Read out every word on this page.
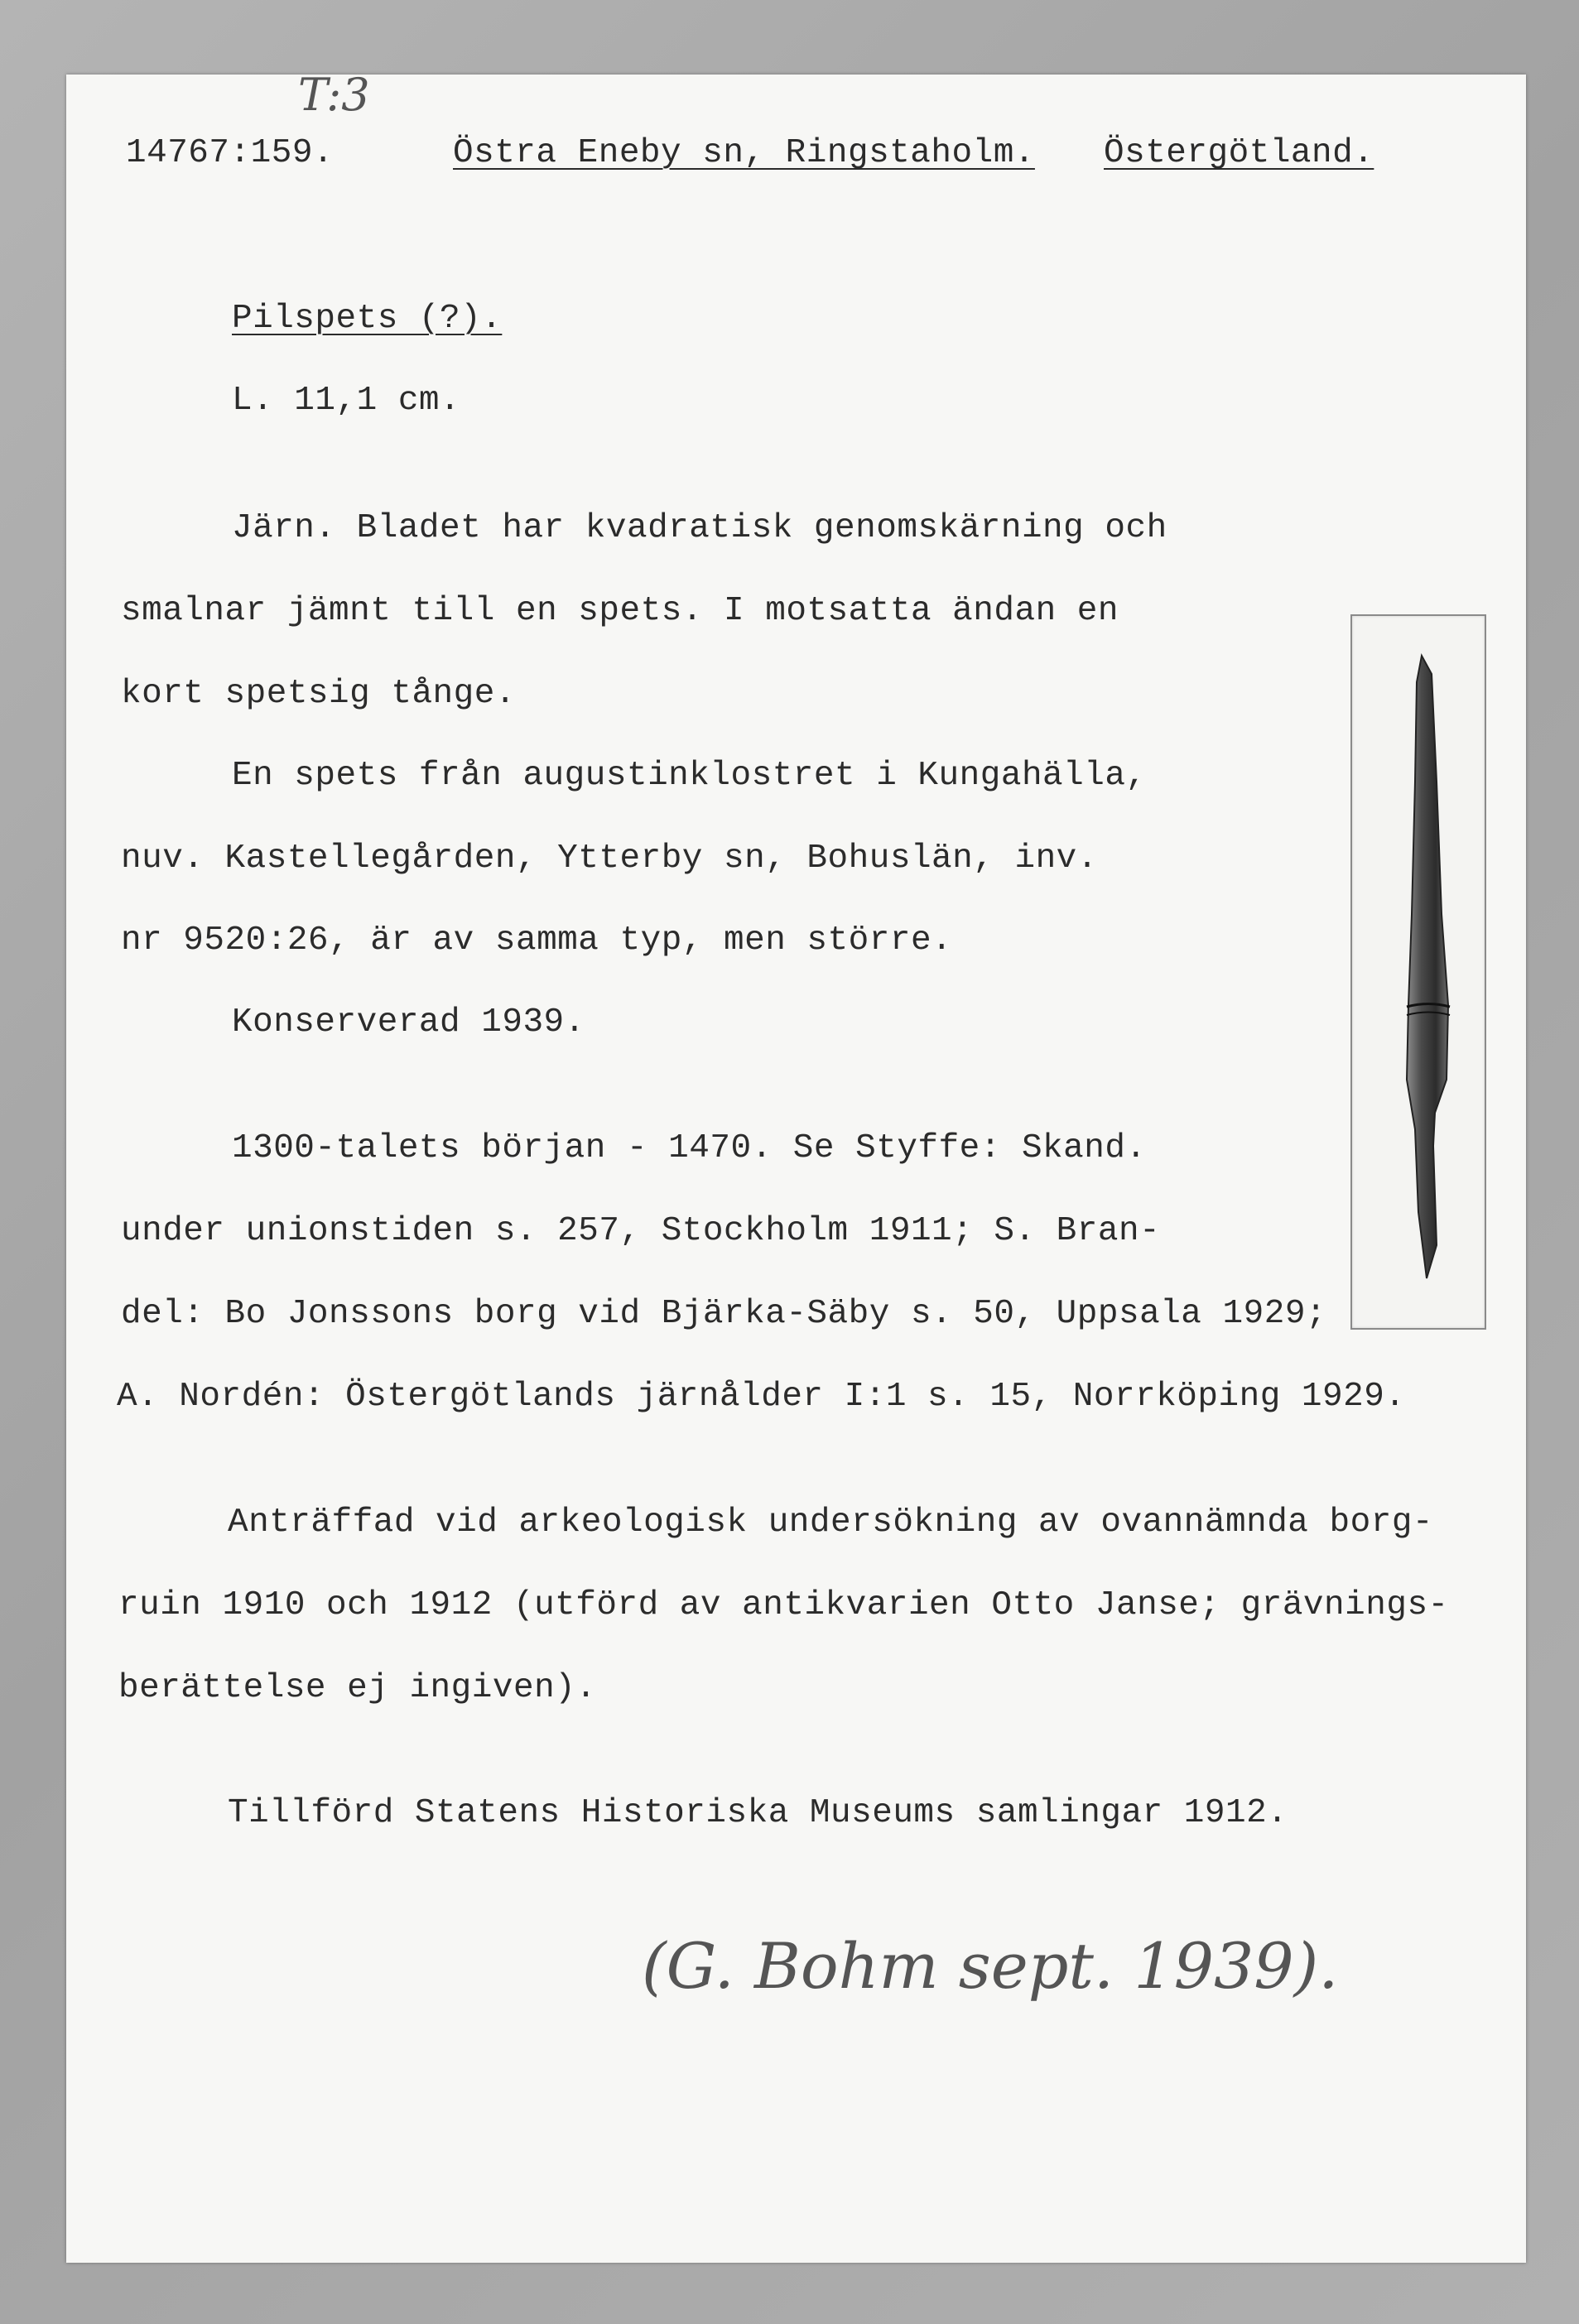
T:3
14767:159.	Östra Eneby sn, Ringstaholm. Östergötland.
Pilspets (?).
L. 11,1 cm.
Järn. Bladet har kvadratisk genomskärning och
smalnar jämnt till en spets. I motsatta ändan en
kort spetsig tånge.
En spets från augustinklostret i Kungahälla,
nuv. Kastellegården, Ytterby sn, Bohuslän, inv.
nr 9520:26, är av samma typ, men större.
Konserverad 1939.
1300-talets början - 1470. Se Styffe: Skand.
under unionstiden s. 257, Stockholm 1911; S. Bran-
del: Bo Jonssons borg vid Bjärka-Säby s. 50, Uppsala 1929;
A. Nordén: Östergötlands järnålder I:1 s. 15, Norrköping 1929.
Anträffad vid arkeologisk undersökning av ovannämnda borg-
ruin 1910 och 1912 (utförd av antikvarien Otto Janse; grävnings-
berättelse ej ingiven).
Tillförd Statens Historiska Museums samlingar 1912.
(G. Bohm sept. 1939).
